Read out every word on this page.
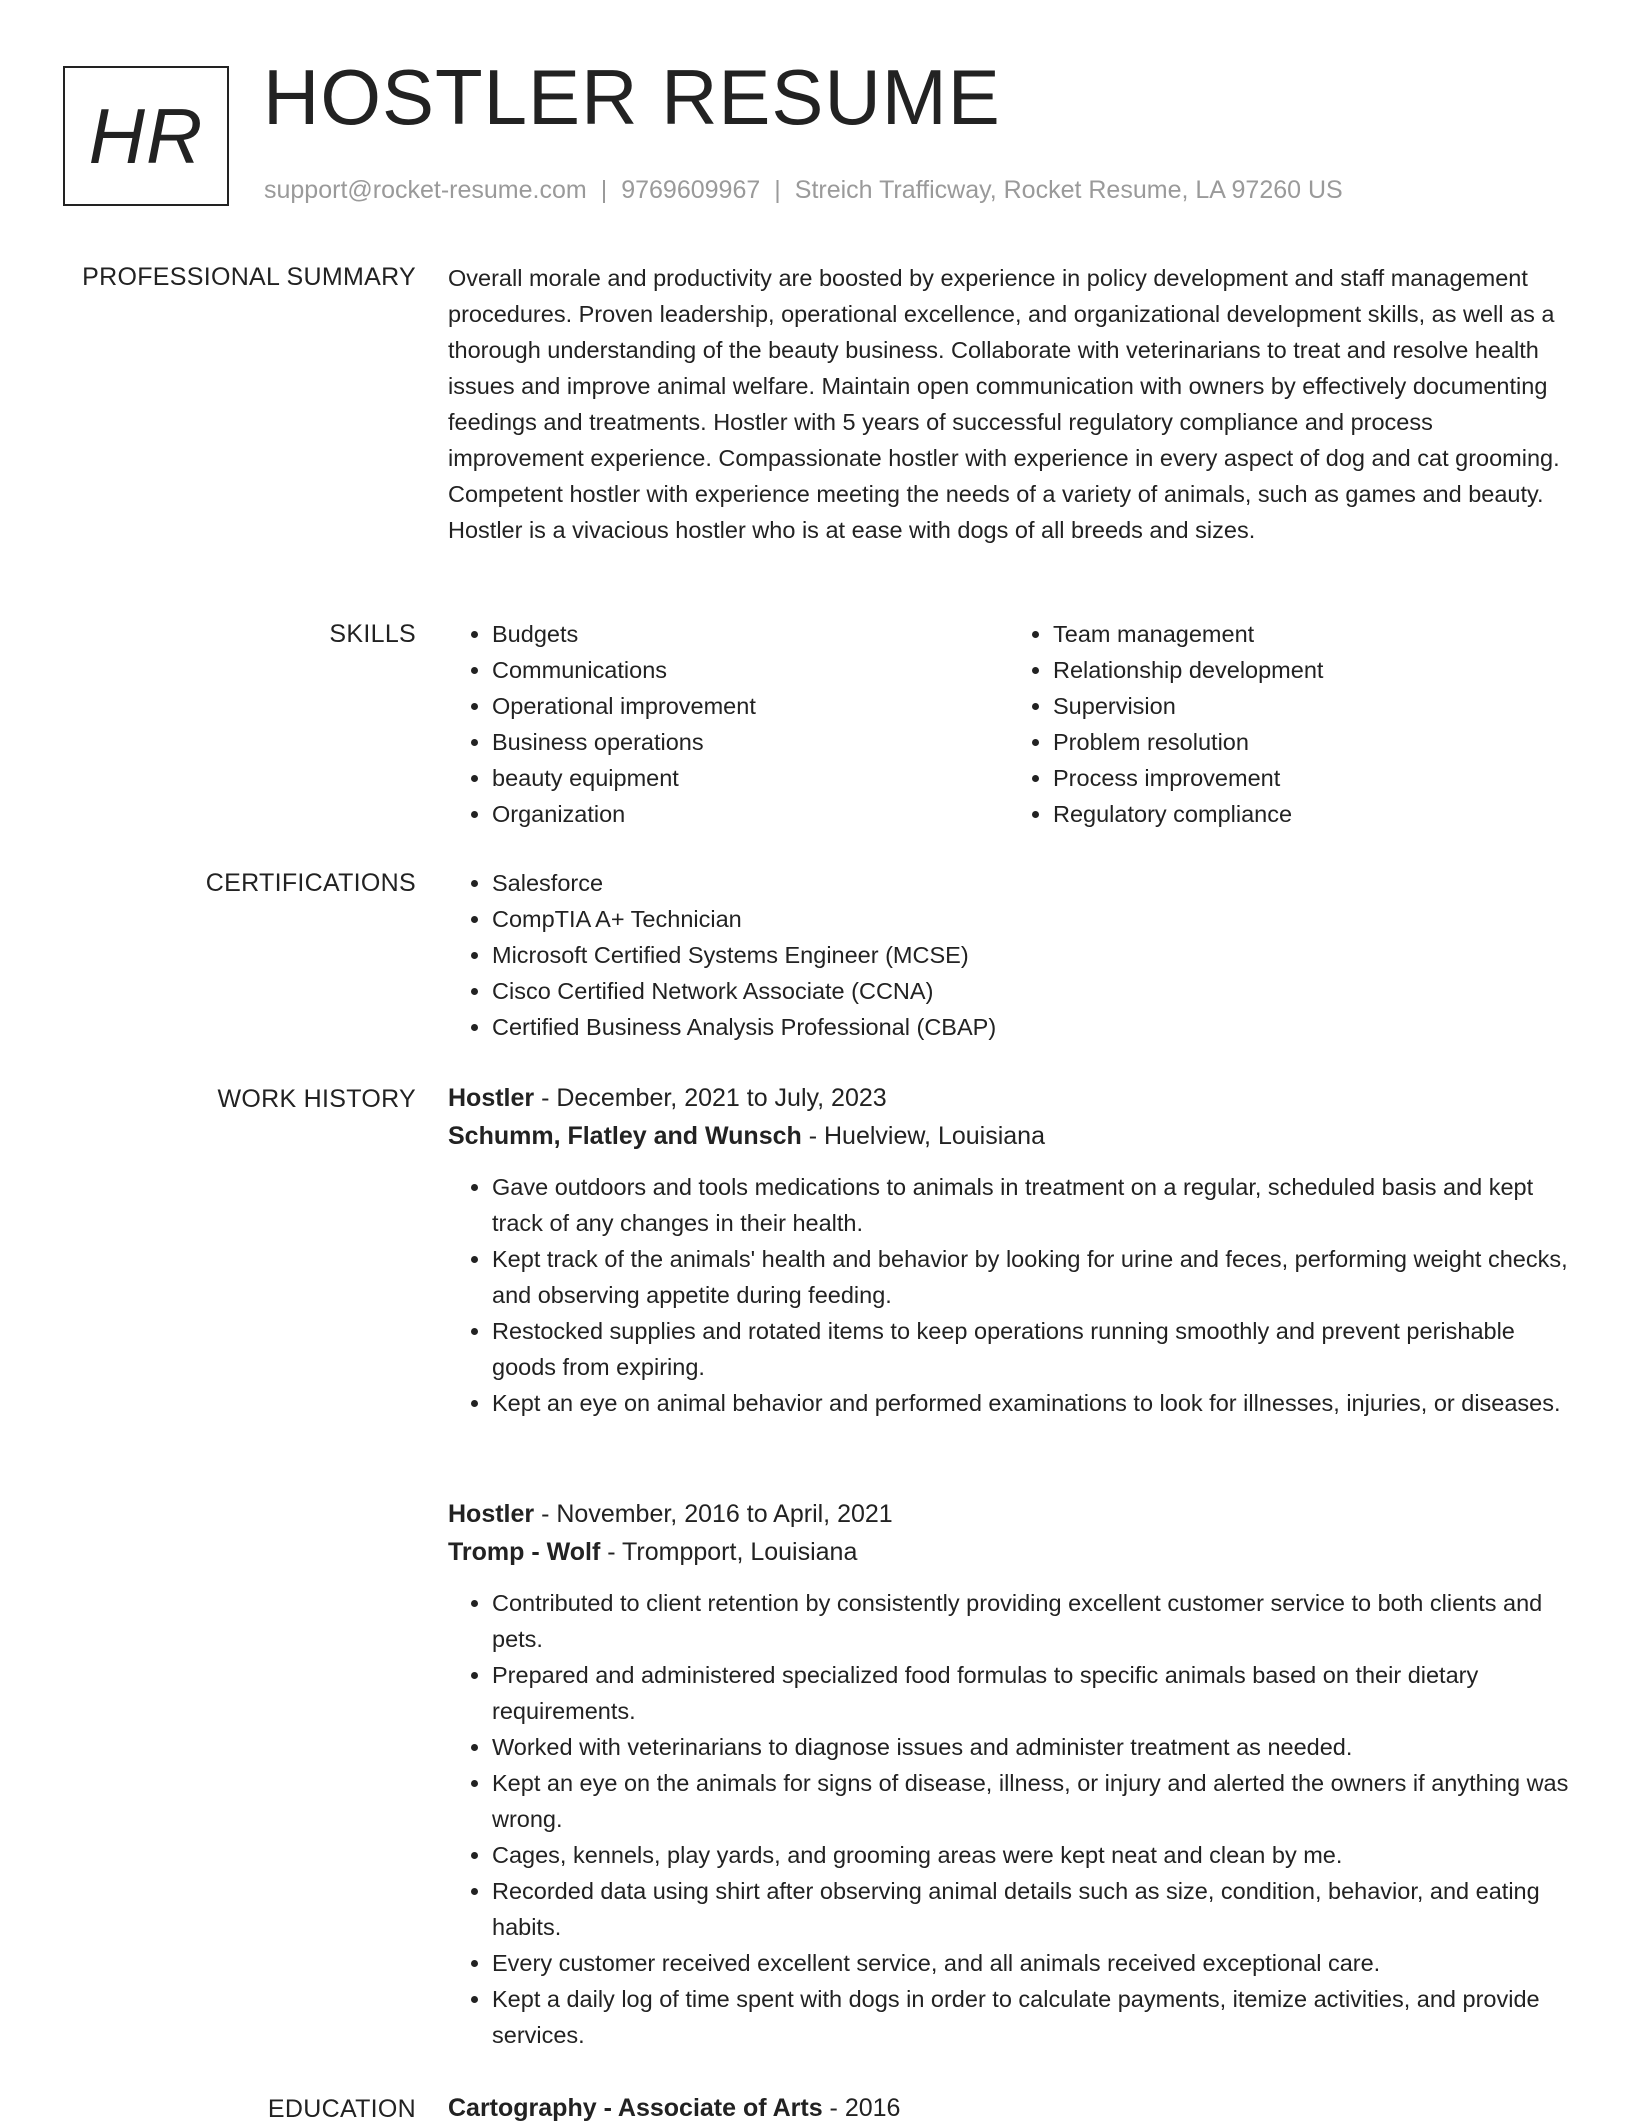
HR HOSTLER RESUME
support@rocket-resume.com | 9769609967 | Streich Trafficway, Rocket Resume, LA 97260 US
PROFESSIONAL SUMMARY Overall morale and productivity are boosted by experience in policy development and staff management procedures. Proven leadership, operational excellence, and organizational development skills, as well as a thorough understanding of the beauty business. Collaborate with veterinarians to treat and resolve health issues and improve animal welfare. Maintain open communication with owners by effectively documenting feedings and treatments. Hostler with 5 years of successful regulatory compliance and process improvement experience. Compassionate hostler with experience in every aspect of dog and cat grooming. Competent hostler with experience meeting the needs of a variety of animals, such as games and beauty. Hostler is a vivacious hostler who is at ease with dogs of all breeds and sizes.

SKILLS	• Budgets
• Communications
• Operational improvement
• Business operations
• beauty equipment
• Organization
• Team management
• Relationship development
• Supervision
• Problem resolution
• Process improvement
• Regulatory compliance
CERTIFICATIONS	• Salesforce
• CompTIA A+ Technician
• Microsoft Certified Systems Engineer (MCSE)
• Cisco Certified Network Associate (CCNA)
• Certified Business Analysis Professional (CBAP)
WORK HISTORY Hostler - December, 2021 to July, 2023
Schumm, Flatley and Wunsch - Huelview, Louisiana
• Gave outdoors and tools medications to animals in treatment on a regular, scheduled basis and kept track of any changes in their health.
• Kept track of the animals' health and behavior by looking for urine and feces, performing weight checks, and observing appetite during feeding.
• Restocked supplies and rotated items to keep operations running smoothly and prevent perishable goods from expiring.
• Kept an eye on animal behavior and performed examinations to look for illnesses, injuries, or diseases.
Hostler - November, 2016 to April, 2021
Tromp - Wolf - Trompport, Louisiana
• Contributed to client retention by consistently providing excellent customer service to both clients and pets.
• Prepared and administered specialized food formulas to specific animals based on their dietary requirements.
• Worked with veterinarians to diagnose issues and administer treatment as needed.
• Kept an eye on the animals for signs of disease, illness, or injury and alerted the owners if anything was wrong.
• Cages, kennels, play yards, and grooming areas were kept neat and clean by me.
• Recorded data using shirt after observing animal details such as size, condition, behavior, and eating habits.
• Every customer received excellent service, and all animals received exceptional care.
• Kept a daily log of time spent with dogs in order to calculate payments, itemize activities, and provide services.
EDUCATION Cartography - Associate of Arts - 2016
